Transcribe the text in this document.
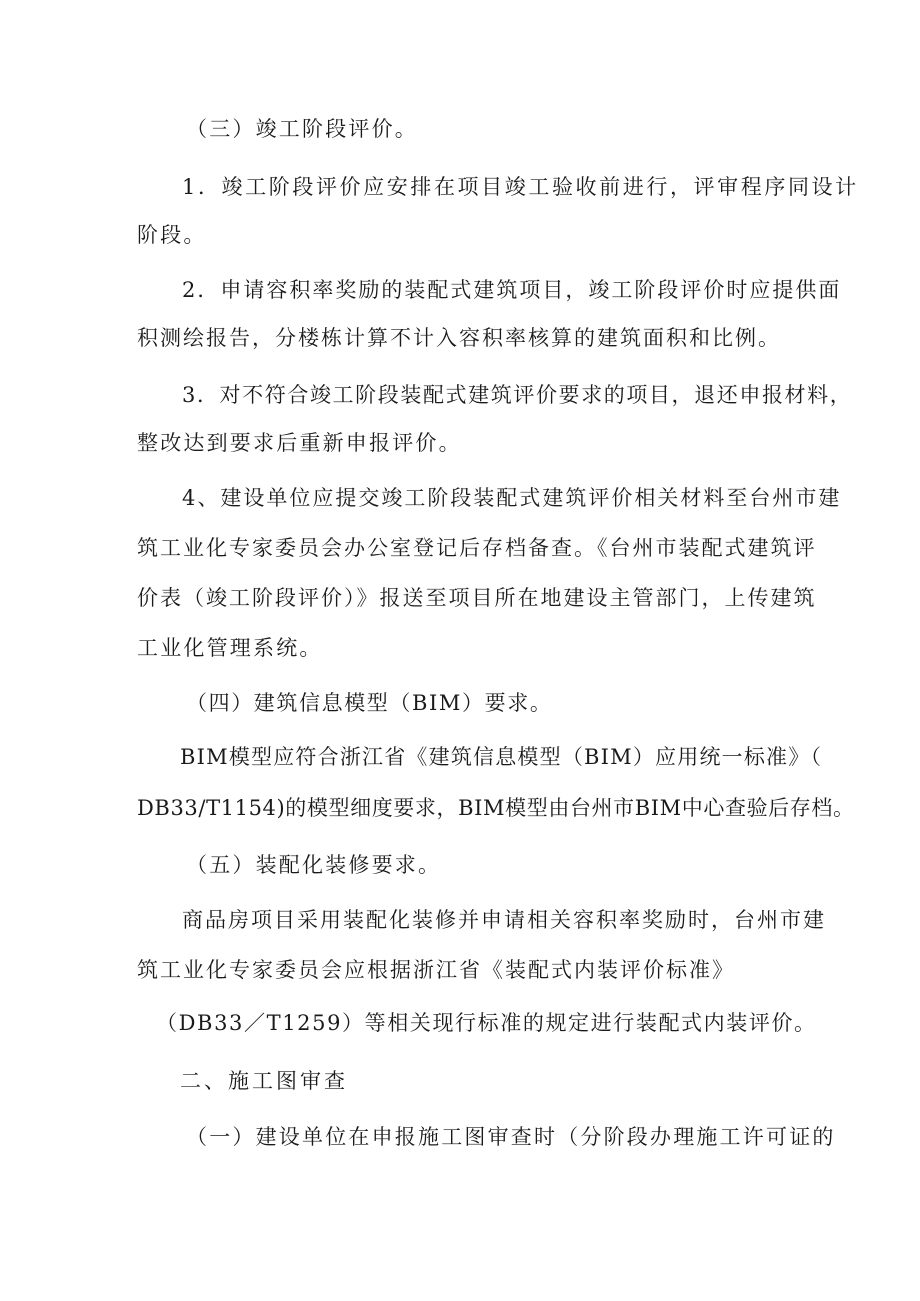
（三）竣工阶段评价。
1．竣工阶段评价应安排在项目竣工验收前进行，评审程序同设计
阶段。
2．申请容积率奖励的装配式建筑项目，竣工阶段评价时应提供面
积测绘报告，分楼栋计算不计入容积率核算的建筑面积和比例。
3．对不符合竣工阶段装配式建筑评价要求的项目，退还申报材料，
整改达到要求后重新申报评价。
4、建设单位应提交竣工阶段装配式建筑评价相关材料至台州市建
筑工业化专家委员会办公室登记后存档备查。《台州市装配式建筑评
价表（竣工阶段评价）》报送至项目所在地建设主管部门，上传建筑
工业化管理系统。
（四）建筑信息模型（BIM）要求。
BIM模型应符合浙江省《建筑信息模型（BIM）应用统一标准》（
DB33/T1154)的模型细度要求，BIM模型由台州市BIM中心查验后存档。
（五）装配化装修要求。
商品房项目采用装配化装修并申请相关容积率奖励时，台州市建
筑工业化专家委员会应根据浙江省《装配式内装评价标准》
（DB33／T1259）等相关现行标准的规定进行装配式内装评价。
二、施工图审查
（一）建设单位在申报施工图审查时（分阶段办理施工许可证的
